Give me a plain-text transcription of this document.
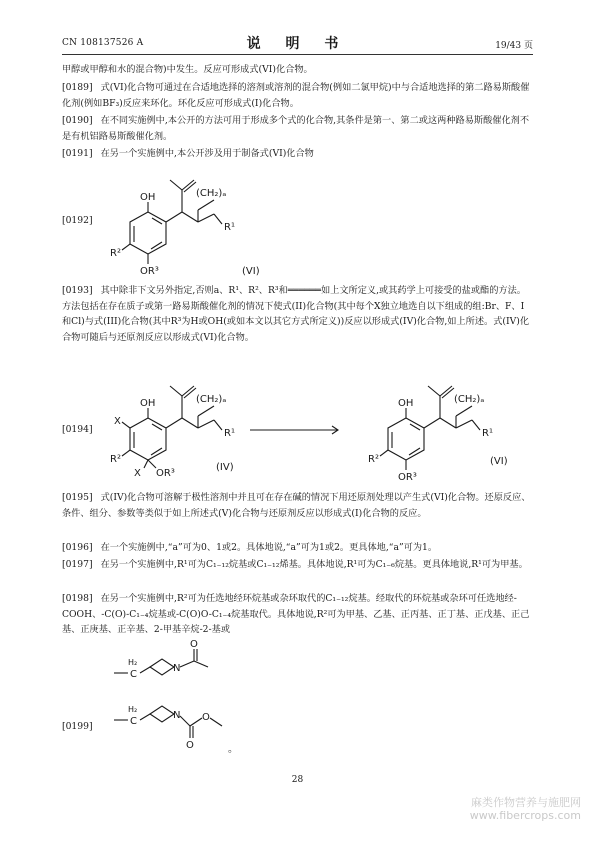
CN 108137526 A	说 明 书	19/43 页
甲醇或甲醇和水的混合物)中发生。反应可形成式(VI)化合物。
[0189] 式(VI)化合物可通过在合适地选择的溶剂或溶剂的混合物(例如二氯甲烷)中与合适地选择的第二路易斯酸催化剂(例如BF₃)反应来环化。环化反应可形成式(I)化合物。
[0190] 在不同实施例中,本公开的方法可用于形成多个式的化合物,其条件是第一、第二或这两种路易斯酸催化剂不是有机铝路易斯酸催化剂。
[0191] 在另一个实施例中,本公开涉及用于制备式(VI)化合物
[0192]
OH
R²
OR³
(CH₂)ₐ
R¹
(VI)
[0193] 其中除非下文另外指定,否则a、R¹、R²、R³和══════如上文所定义,或其药学上可接受的盐或酯的方法。方法包括在存在质子或第一路易斯酸催化剂的情况下使式(II)化合物(其中每个X独立地选自以下组成的组:Br、F、I和Cl)与式(III)化合物(其中R³为H或OH(或如本文以其它方式所定义))反应以形成式(IV)化合物,如上所述。式(IV)化合物可随后与还原剂反应以形成式(VI)化合物。
[0194]
OH
X
R²
X OR³
(CH₂)ₐ
R¹
(IV)
OH
R²
OR³
(CH₂)ₐ
R¹
(VI)
[0195] 式(IV)化合物可溶解于极性溶剂中并且可在存在碱的情况下用还原剂处理以产生式(VI)化合物。还原反应、条件、组分、参数等类似于如上所述式(V)化合物与还原剂反应以形成式(I)化合物的反应。
[0196] 在一个实施例中,“a”可为0、1或2。具体地说,“a”可为1或2。更具体地,“a”可为1。
[0197] 在另一个实施例中,R¹可为C₁₋₁₂烷基或C₁₋₁₂烯基。具体地说,R¹可为C₁₋₆烷基。更具体地说,R¹可为甲基。
[0198] 在另一个实施例中,R²可为任选地经环烷基或杂环取代的C₁₋₁₂烷基。经取代的环烷基或杂环可任选地经-COOH、-C(O)-C₁₋₄烷基或-C(O)O-C₁₋₄烷基取代。具体地说,R²可为甲基、乙基、正丙基、正丁基、正戊基、正己基、正庚基、正辛基、2-甲基辛烷-2-基或
H₂
C
N
O
[0199]
H₂
C
N O
O	。
28
麻类作物营养与施肥网
www.fibercrops.com
